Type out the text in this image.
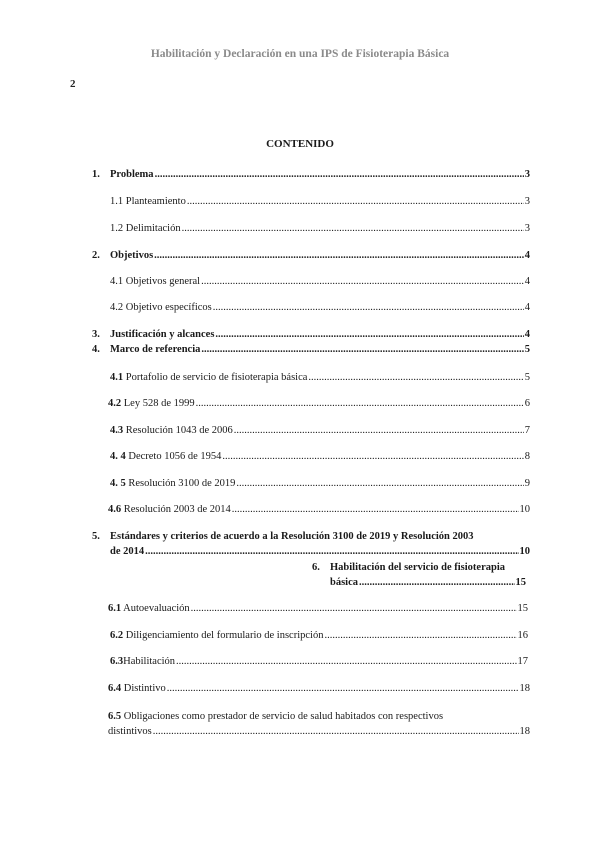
Habilitación y Declaración en una IPS de Fisioterapia Básica
2
CONTENIDO
1. Problema .....	3
1.1 Planteamiento .....	3
1.2 Delimitación .....	3
2. Objetivos .....	4
4.1 Objetivos general .....	4
4.2 Objetivo específicos .....	4
3. Justificación y alcances .....	4
4. Marco de referencia .....	5
4.1 Portafolio de servicio de fisioterapia básica .....	5
4.2 Ley 528 de 1999 .....	6
4.3 Resolución 1043 de 2006 .....	7
4. 4 Decreto 1056 de 1954 .....	8
4. 5 Resolución 3100 de 2019 .....	9
4.6 Resolución 2003 de 2014 .....	10
5. Estándares y criterios de acuerdo a la Resolución 3100 de 2019 y Resolución 2003
de 2014 .....	10
6. Habilitación del servicio de fisioterapia
básica .....	15
6.1 Autoevaluación .....	15
6.2 Diligenciamiento del formulario de inscripción .....	16
6.3Habilitación .....	17
6.4 Distintivo .....	18
6.5 Obligaciones como prestador de servicio de salud habitados con respectivos
distintivos .....	18
